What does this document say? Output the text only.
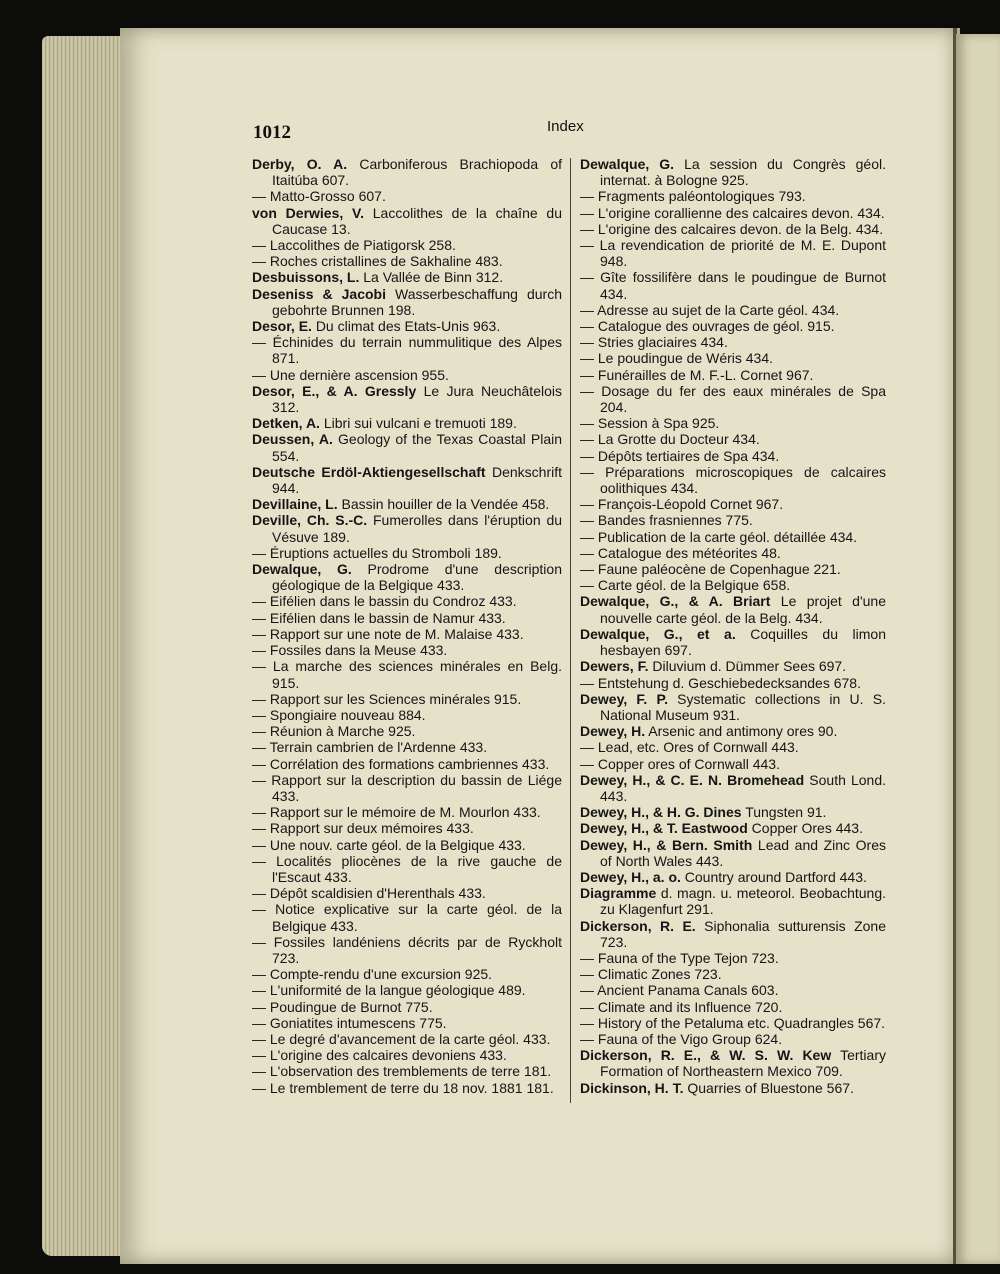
1012	Index

Derby, O. A. Carboniferous Brachiopoda of Itaitúba 607.

— Matto-Grosso 607.

von Derwies, V. Laccolithes de la chaîne du Caucase 13.

— Laccolithes de Piatigorsk 258.

— Roches cristallines de Sakhaline 483.

Desbuissons, L. La Vallée de Binn 312.

Deseniss & Jacobi Wasserbeschaffung durch gebohrte Brunnen 198.

Desor, E. Du climat des Etats-Unis 963.

— Échinides du terrain nummulitique des Alpes 871.

— Une dernière ascension 955.

Desor, E., & A. Gressly Le Jura Neuchâtelois 312.

Detken, A. Libri sui vulcani e tremuoti 189.

Deussen, A. Geology of the Texas Coastal Plain 554.

Deutsche Erdöl-Aktiengesellschaft Denkschrift 944.

Devillaine, L. Bassin houiller de la Vendée 458.

Deville, Ch. S.-C. Fumerolles dans l'éruption du Vésuve 189.

— Éruptions actuelles du Stromboli 189.

Dewalque, G. Prodrome d'une description géologique de la Belgique 433.

— Eifélien dans le bassin du Condroz 433.

— Eifélien dans le bassin de Namur 433.

— Rapport sur une note de M. Malaise 433.

— Fossiles dans la Meuse 433.

— La marche des sciences minérales en Belg. 915.

— Rapport sur les Sciences minérales 915.

— Spongiaire nouveau 884.

— Réunion à Marche 925.

— Terrain cambrien de l'Ardenne 433.

— Corrélation des formations cambriennes 433.

— Rapport sur la description du bassin de Liége 433.

— Rapport sur le mémoire de M. Mourlon 433.

— Rapport sur deux mémoires 433.

— Une nouv. carte géol. de la Belgique 433.

— Localités pliocènes de la rive gauche de l'Escaut 433.

— Dépôt scaldisien d'Herenthals 433.

— Notice explicative sur la carte géol. de la Belgique 433.

— Fossiles landéniens décrits par de Ryckholt 723.

— Compte-rendu d'une excursion 925.

— L'uniformité de la langue géologique 489.

— Poudingue de Burnot 775.

— Goniatites intumescens 775.

— Le degré d'avancement de la carte géol. 433.

— L'origine des calcaires devoniens 433.

— L'observation des tremblements de terre 181.

— Le tremblement de terre du 18 nov. 1881 181.

Dewalque, G. La session du Congrès géol. internat. à Bologne 925.

— Fragments paléontologiques 793.

— L'origine corallienne des calcaires devon. 434.

— L'origine des calcaires devon. de la Belg. 434.

— La revendication de priorité de M. E. Dupont 948.

— Gîte fossilifère dans le poudingue de Burnot 434.

— Adresse au sujet de la Carte géol. 434.

— Catalogue des ouvrages de géol. 915.

— Stries glaciaires 434.

— Le poudingue de Wéris 434.

— Funérailles de M. F.-L. Cornet 967.

— Dosage du fer des eaux minérales de Spa 204.

— Session à Spa 925.

— La Grotte du Docteur 434.

— Dépôts tertiaires de Spa 434.

— Préparations microscopiques de calcaires oolithiques 434.

— François-Léopold Cornet 967.

— Bandes frasniennes 775.

— Publication de la carte géol. détaillée 434.

— Catalogue des météorites 48.

— Faune paléocène de Copenhague 221.

— Carte géol. de la Belgique 658.

Dewalque, G., & A. Briart Le projet d'une nouvelle carte géol. de la Belg. 434.

Dewalque, G., et a. Coquilles du limon hesbayen 697.

Dewers, F. Diluvium d. Dümmer Sees 697.

— Entstehung d. Geschiebedecksandes 678.

Dewey, F. P. Systematic collections in U. S. National Museum 931.

Dewey, H. Arsenic and antimony ores 90.

— Lead, etc. Ores of Cornwall 443.

— Copper ores of Cornwall 443.

Dewey, H., & C. E. N. Bromehead South Lond. 443.

Dewey, H., & H. G. Dines Tungsten 91.

Dewey, H., & T. Eastwood Copper Ores 443.

Dewey, H., & Bern. Smith Lead and Zinc Ores of North Wales 443.

Dewey, H., a. o. Country around Dartford 443.

Diagramme d. magn. u. meteorol. Beobachtung. zu Klagenfurt 291.

Dickerson, R. E. Siphonalia sutturensis Zone 723.

— Fauna of the Type Tejon 723.

— Climatic Zones 723.

— Ancient Panama Canals 603.

— Climate and its Influence 720.

— History of the Petaluma etc. Quadrangles 567.

— Fauna of the Vigo Group 624.

Dickerson, R. E., & W. S. W. Kew Tertiary Formation of Northeastern Mexico 709.

Dickinson, H. T. Quarries of Bluestone 567.
